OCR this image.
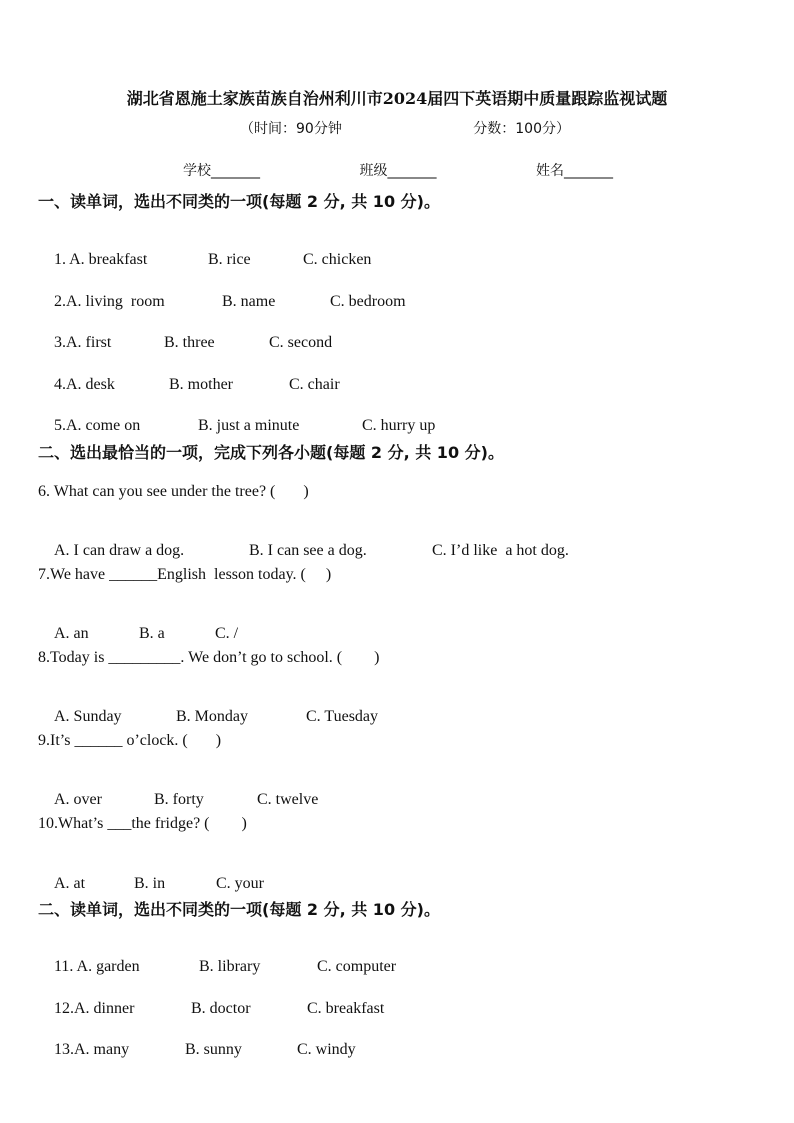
湖北省恩施土家族苗族自治州利川市2024届四下英语期中质量跟踪监视试题
（时间：90分钟	分数：100分）
学校_______	班级_______	姓名_______
一、读单词，选出不同类的一项(每题 2 分, 共 10 分)。

1. A. breakfast	B. rice	C. chicken

2.A. living  room	B. name	C. bedroom

3.A. first	B. three	C. second

4.A. desk	B. mother	C. chair

5.A. come on	B. just a minute	C. hurry up

二、选出最恰当的一项，完成下列各小题(每题 2 分, 共 10 分)。
6. What can you see under the tree? (       )

A. I can draw a dog.	B. I can see a dog.	C. I’d like  a hot dog.

7.We have ______English  lesson today. (     )

A. an	B. a	C. /

8.Today is _________. We don’t go to school. (        )

A. Sunday	B. Monday	C. Tuesday

9.It’s ______ o’clock. (       )

A. over	B. forty	C. twelve

10.What’s ___the fridge? (        )

A. at	B. in	C. your

二、读单词，选出不同类的一项(每题 2 分, 共 10 分)。

11. A. garden	B. library	C. computer

12.A. dinner	B. doctor	C. breakfast

13.A. many	B. sunny	C. windy
